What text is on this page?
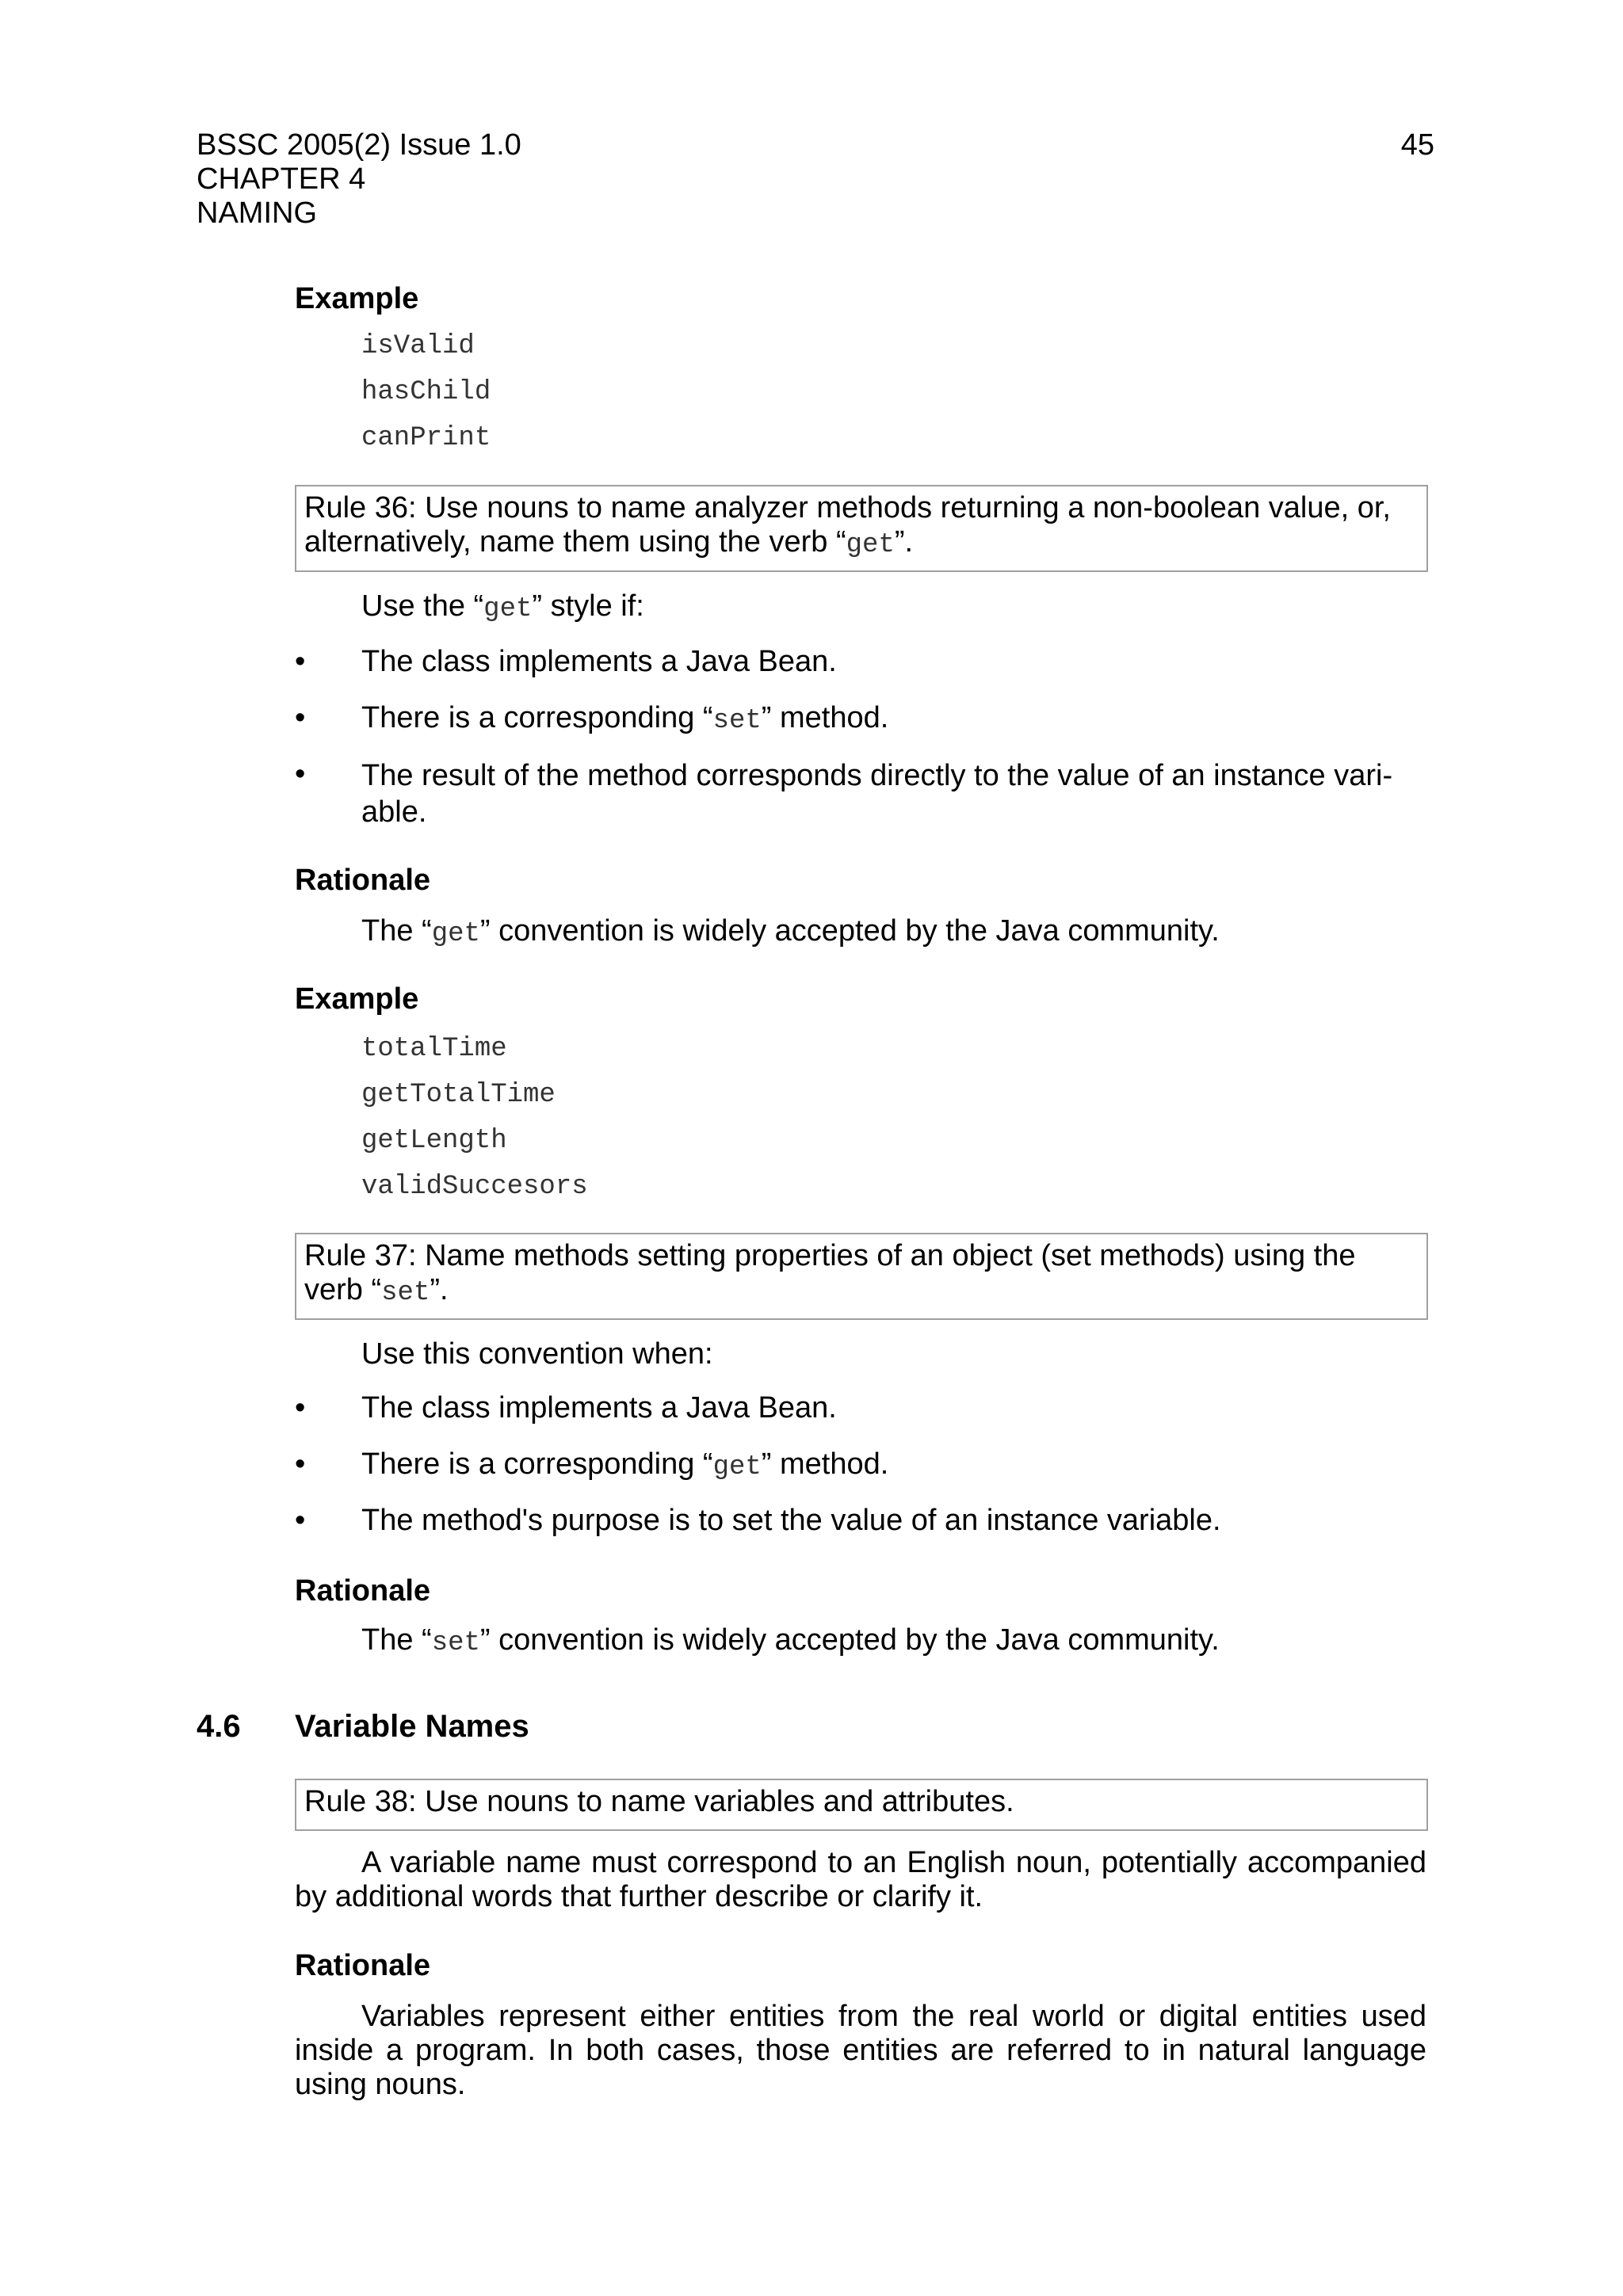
BSSC 2005(2) Issue 1.0
CHAPTER 4
NAMING
45
Example
isValid
hasChild
canPrint
Rule 36: Use nouns to name analyzer methods returning a non-boolean value, or, alternatively, name them using the verb “get”.
Use the “get” style if:
• The class implements a Java Bean.
• There is a corresponding “set” method.
• The result of the method corresponds directly to the value of an instance vari-
able.
Rationale
The “get” convention is widely accepted by the Java community.
Example
totalTime
getTotalTime
getLength
validSuccesors
Rule 37: Name methods setting properties of an object (set methods) using the verb “set”.
Use this convention when:
• The class implements a Java Bean.
• There is a corresponding “get” method.
• The method's purpose is to set the value of an instance variable.
Rationale
The “set” convention is widely accepted by the Java community.
4.6 Variable Names
Rule 38: Use nouns to name variables and attributes.
A variable name must correspond to an English noun, potentially accompanied by additional words that further describe or clarify it.
Rationale
Variables represent either entities from the real world or digital entities used inside a program. In both cases, those entities are referred to in natural language using nouns.
